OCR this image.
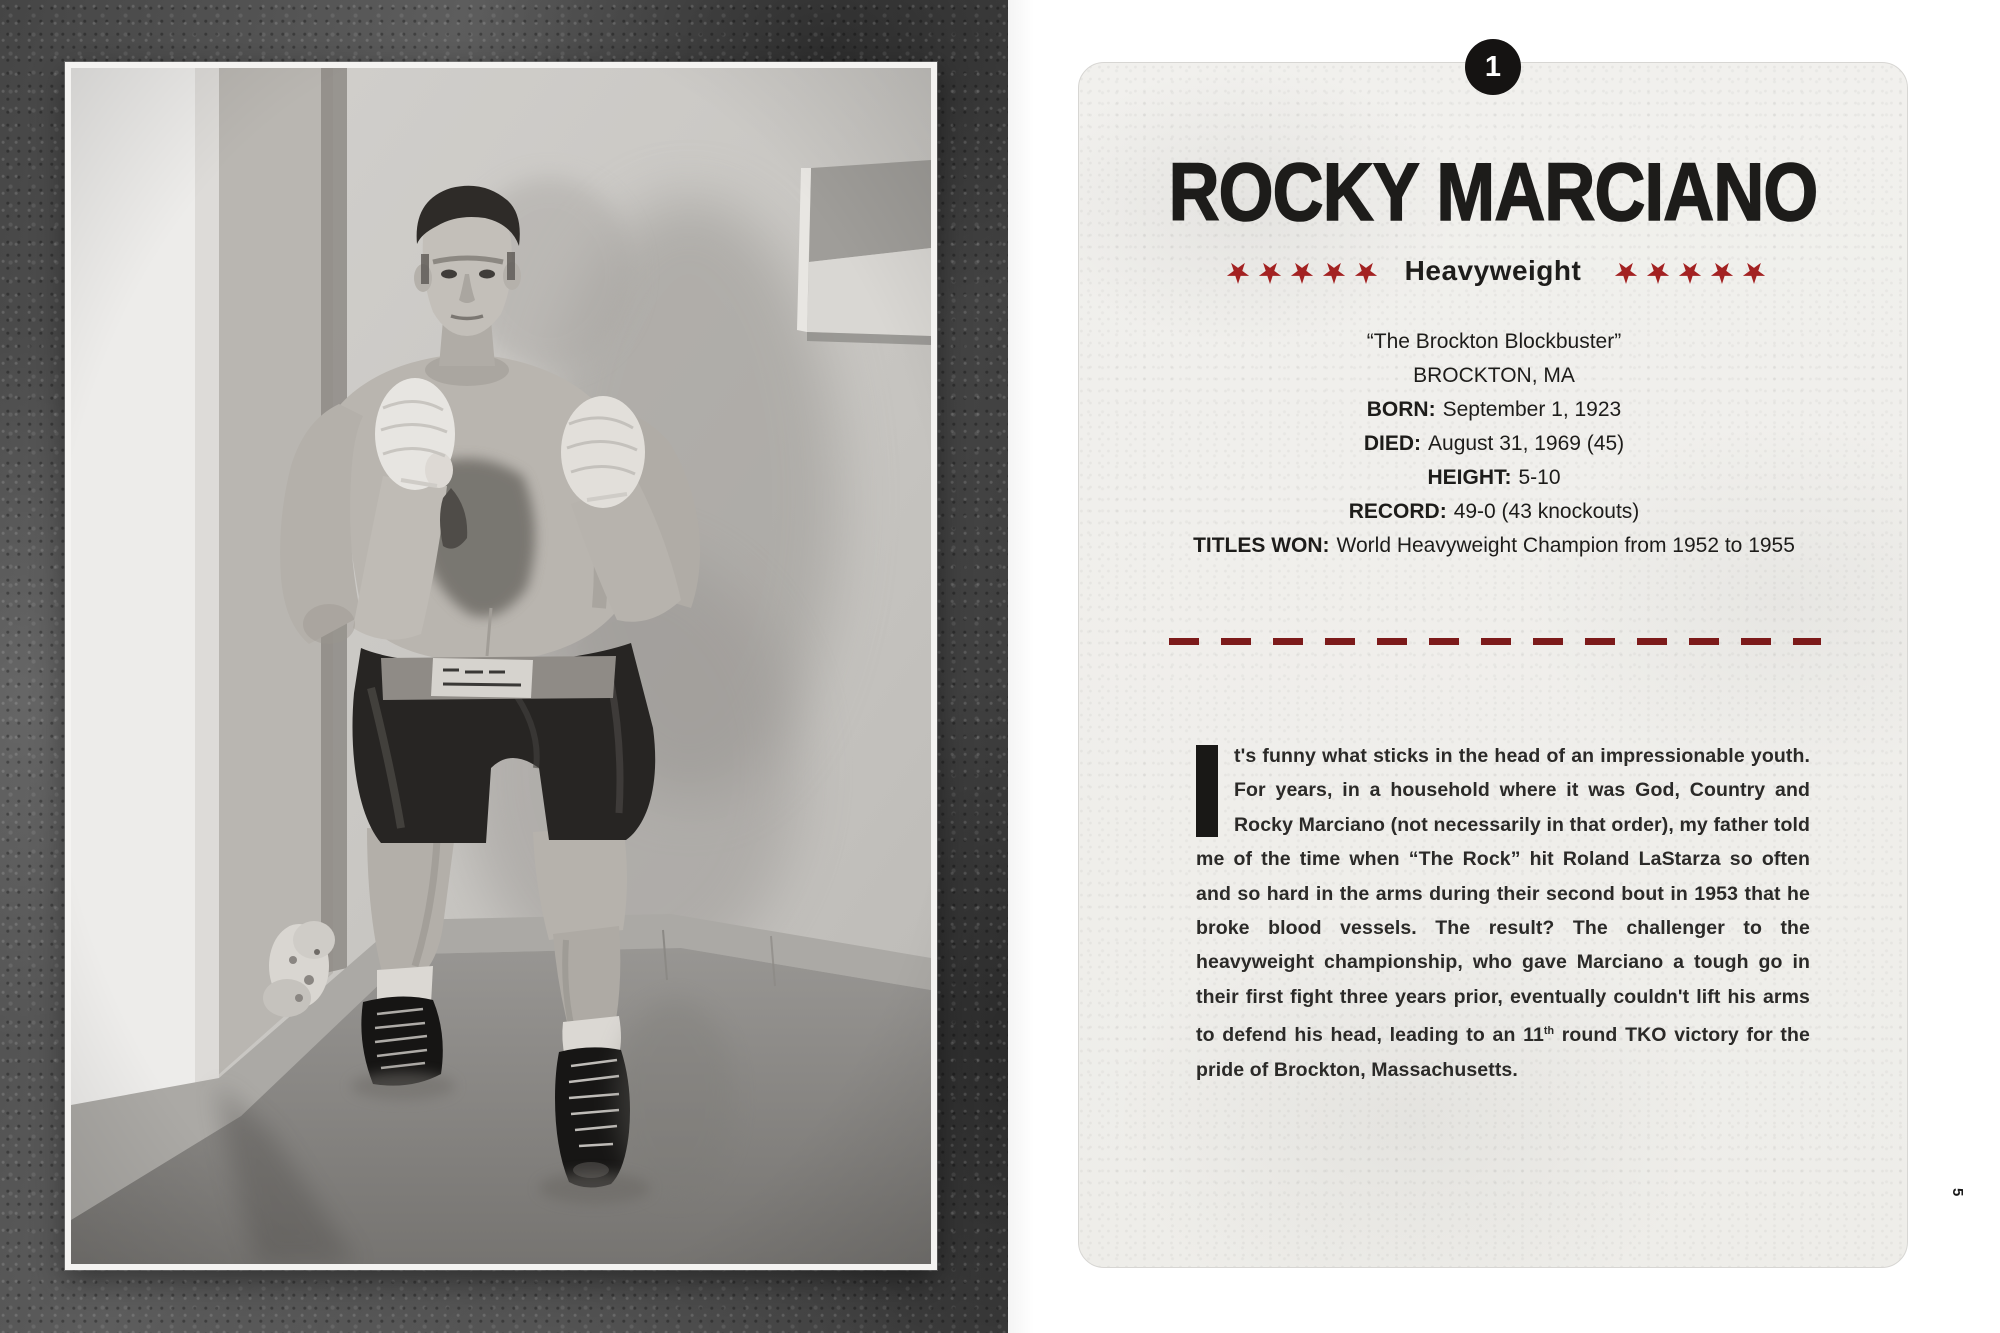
1
ROCKY MARCIANO
★★★★★ Heavyweight ★★★★★
“The Brockton Blockbuster”
BROCKTON, MA
BORN: September 1, 1923
DIED: August 31, 1969 (45)
HEIGHT: 5-10
RECORD: 49-0 (43 knockouts)
TITLES WON: World Heavyweight Champion from 1952 to 1955
t's funny what sticks in the head of an impressionable youth. For years, in a household where it was God, Country and Rocky Marciano (not necessarily in that order), my father told me of the time when “The Rock” hit Roland LaStarza so often and so hard in the arms during their second bout in 1953 that he broke blood vessels. The result? The challenger to the heavyweight championship, who gave Marciano a tough go in their first fight three years prior, eventually couldn't lift his arms to defend his head, leading to an 11th round TKO victory for the pride of Brockton, Massachusetts.
5
